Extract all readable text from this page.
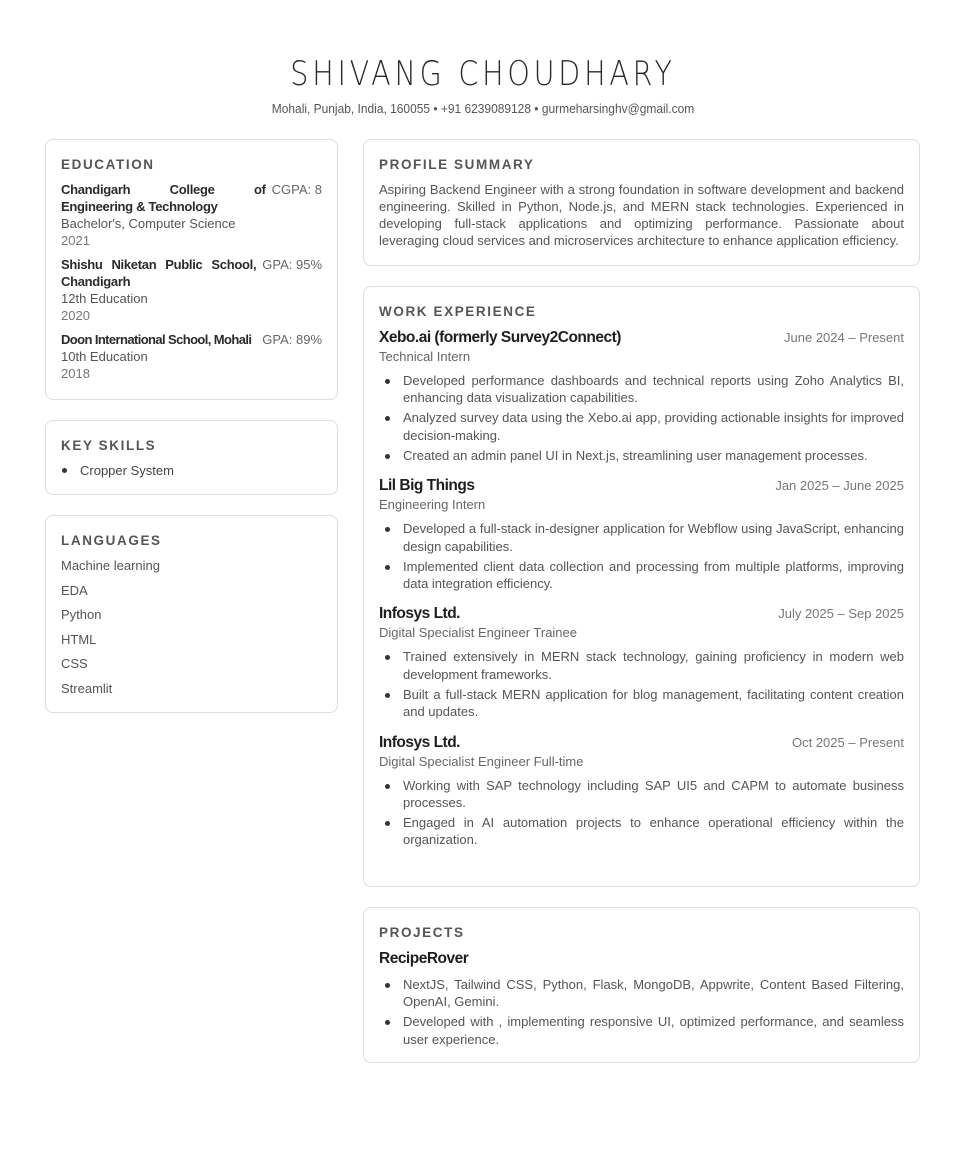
SHIVANG CHOUDHARY
Mohali, Punjab, India, 160055 • +91 6239089128 • gurmeharsinghv@gmail.com
EDUCATION
Chandigarh College of Engineering & Technology
CGPA: 8
Bachelor's, Computer Science
2021
Shishu Niketan Public School, Chandigarh
GPA: 95%
12th Education
2020
Doon International School, Mohali GPA: 89%
10th Education
2018
KEY SKILLS
Cropper System
LANGUAGES
Machine learning
EDA
Python
HTML
CSS
Streamlit
PROFILE SUMMARY

Aspiring Backend Engineer with a strong foundation in software development and backend engineering. Skilled in Python, Node.js, and MERN stack technologies. Experienced in developing full-stack applications and optimizing performance. Passionate about leveraging cloud services and microservices architecture to enhance application efficiency.

WORK EXPERIENCE
Xebo.ai (formerly Survey2Connect)	June 2024 – Present
Technical Intern
Developed performance dashboards and technical reports using Zoho Analytics BI, enhancing data visualization capabilities.
Analyzed survey data using the Xebo.ai app, providing actionable insights for improved decision-making.
Created an admin panel UI in Next.js, streamlining user management processes.
Lil Big Things	Jan 2025 – June 2025
Engineering Intern
Developed a full-stack in-designer application for Webflow using JavaScript, enhancing design capabilities.
Implemented client data collection and processing from multiple platforms, improving data integration efficiency.
Infosys Ltd.	July 2025 – Sep 2025
Digital Specialist Engineer Trainee
Trained extensively in MERN stack technology, gaining proficiency in modern web development frameworks.
Built a full-stack MERN application for blog management, facilitating content creation and updates.
Infosys Ltd.	Oct 2025 – Present
Digital Specialist Engineer Full-time
Working with SAP technology including SAP UI5 and CAPM to automate business processes.
Engaged in AI automation projects to enhance operational efficiency within the organization.
PROJECTS
RecipeRover
NextJS, Tailwind CSS, Python, Flask, MongoDB, Appwrite, Content Based Filtering, OpenAI, Gemini.
Developed with , implementing responsive UI, optimized performance, and seamless user experience.
